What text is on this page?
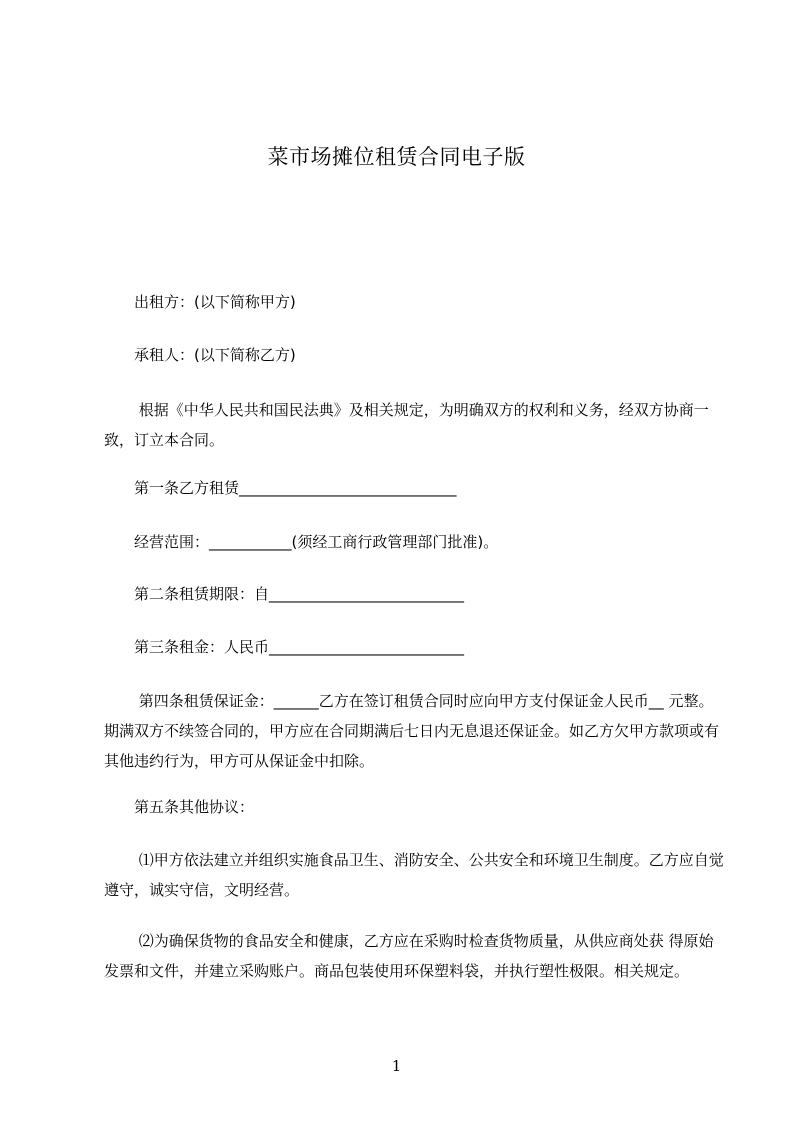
菜市场摊位租赁合同电子版
　　出租方：(以下简称甲方)
　　承租人：(以下简称乙方)
　　 根据《中华人民共和国民法典》及相关规定，为明确双方的权利和义务，经双方协商一致，订立本合同。
　　第一条乙方租赁_____________________________
　　经营范围：___________(须经工商行政管理部门批准)。
　　第二条租赁期限：自__________________________
　　第三条租金：人民币__________________________
　　 第四条租赁保证金：______乙方在签订租赁合同时应向甲方支付保证金人民币__ 元整。期满双方不续签合同的，甲方应在合同期满后七日内无息退还保证金。如乙方欠甲方款项或有其他违约行为，甲方可从保证金中扣除。
　　第五条其他协议：
　　 ⑴甲方依法建立并组织实施食品卫生、消防安全、公共安全和环境卫生制度。乙方应自觉遵守，诚实守信，文明经营。
　　 ⑵为确保货物的食品安全和健康，乙方应在采购时检查货物质量，从供应商处获 得原始发票和文件，并建立采购账户。商品包装使用环保塑料袋，并执行塑性极限。相关规定。
1
